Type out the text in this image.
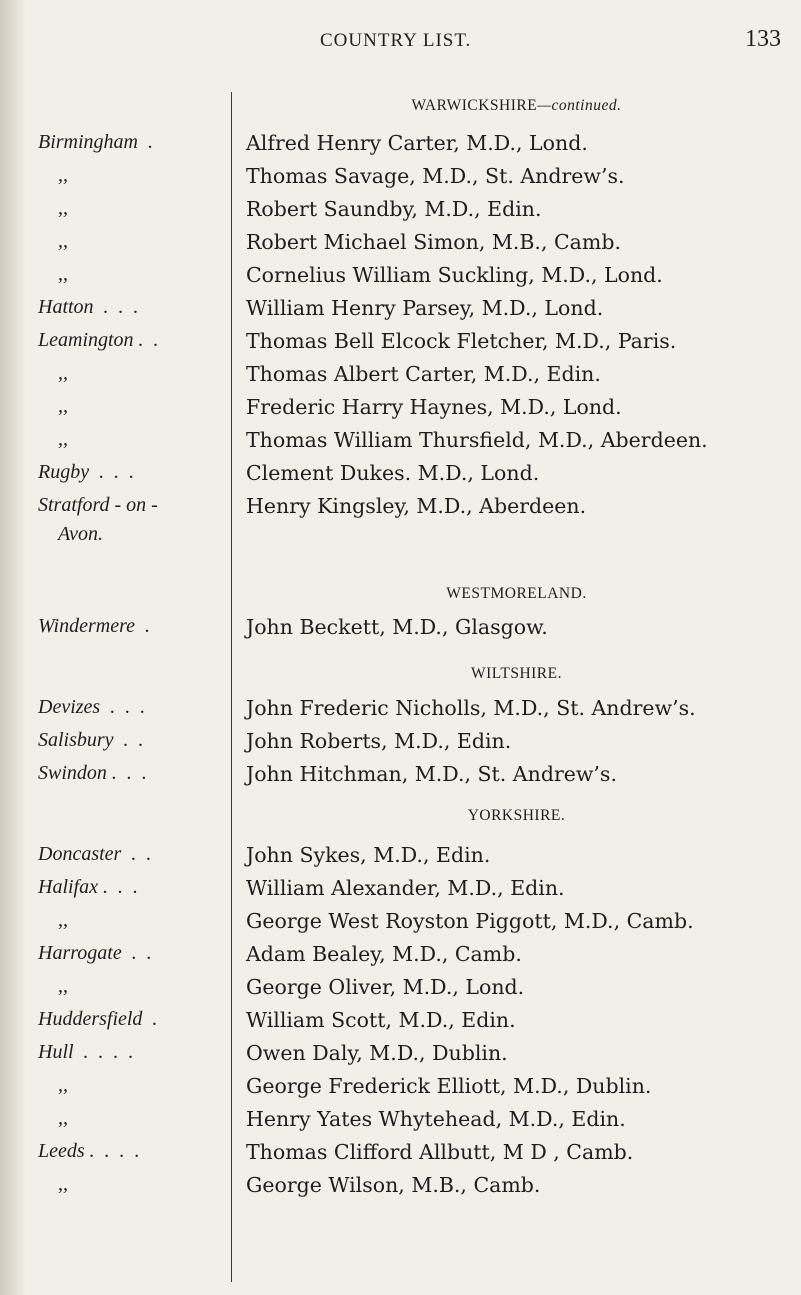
COUNTRY LIST.	133
WARWICKSHIRE—continued.
WESTMORELAND.
WILTSHIRE.
YORKSHIRE.
Birmingham  .	Alfred Henry Carter, M.D., Lond.
,,	Thomas Savage, M.D., St. Andrew’s.
,,	Robert Saundby, M.D., Edin.
,,	Robert Michael Simon, M.B., Camb.
,,	Cornelius William Suckling, M.D., Lond.
Hatton  .  .  .	William Henry Parsey, M.D., Lond.
Leamington .  .	Thomas Bell Elcock Fletcher, M.D., Paris.
,,	Thomas Albert Carter, M.D., Edin.
,,	Frederic Harry Haynes, M.D., Lond.
,,	Thomas William Thursfield, M.D., Aberdeen.
Rugby  .  .  .	Clement Dukes. M.D., Lond.
Stratford - on -	Henry Kingsley, M.D., Aberdeen.
Avon.
Windermere  .	John Beckett, M.D., Glasgow.
Devizes  .  .  .	John Frederic Nicholls, M.D., St. Andrew’s.
Salisbury  .  .	John Roberts, M.D., Edin.
Swindon .  .  .	John Hitchman, M.D., St. Andrew’s.
Doncaster  .  .	John Sykes, M.D., Edin.
Halifax .  .  .	William Alexander, M.D., Edin.
,,	George West Royston Piggott, M.D., Camb.
Harrogate  .  .	Adam Bealey, M.D., Camb.
,,	George Oliver, M.D., Lond.
Huddersfield  .	William Scott, M.D., Edin.
Hull  .  .  .  .	Owen Daly, M.D., Dublin.
,,	George Frederick Elliott, M.D., Dublin.
,,	Henry Yates Whytehead, M.D., Edin.
Leeds .  .  .  .	Thomas Clifford Allbutt, M D , Camb.
,,	George Wilson, M.B., Camb.
